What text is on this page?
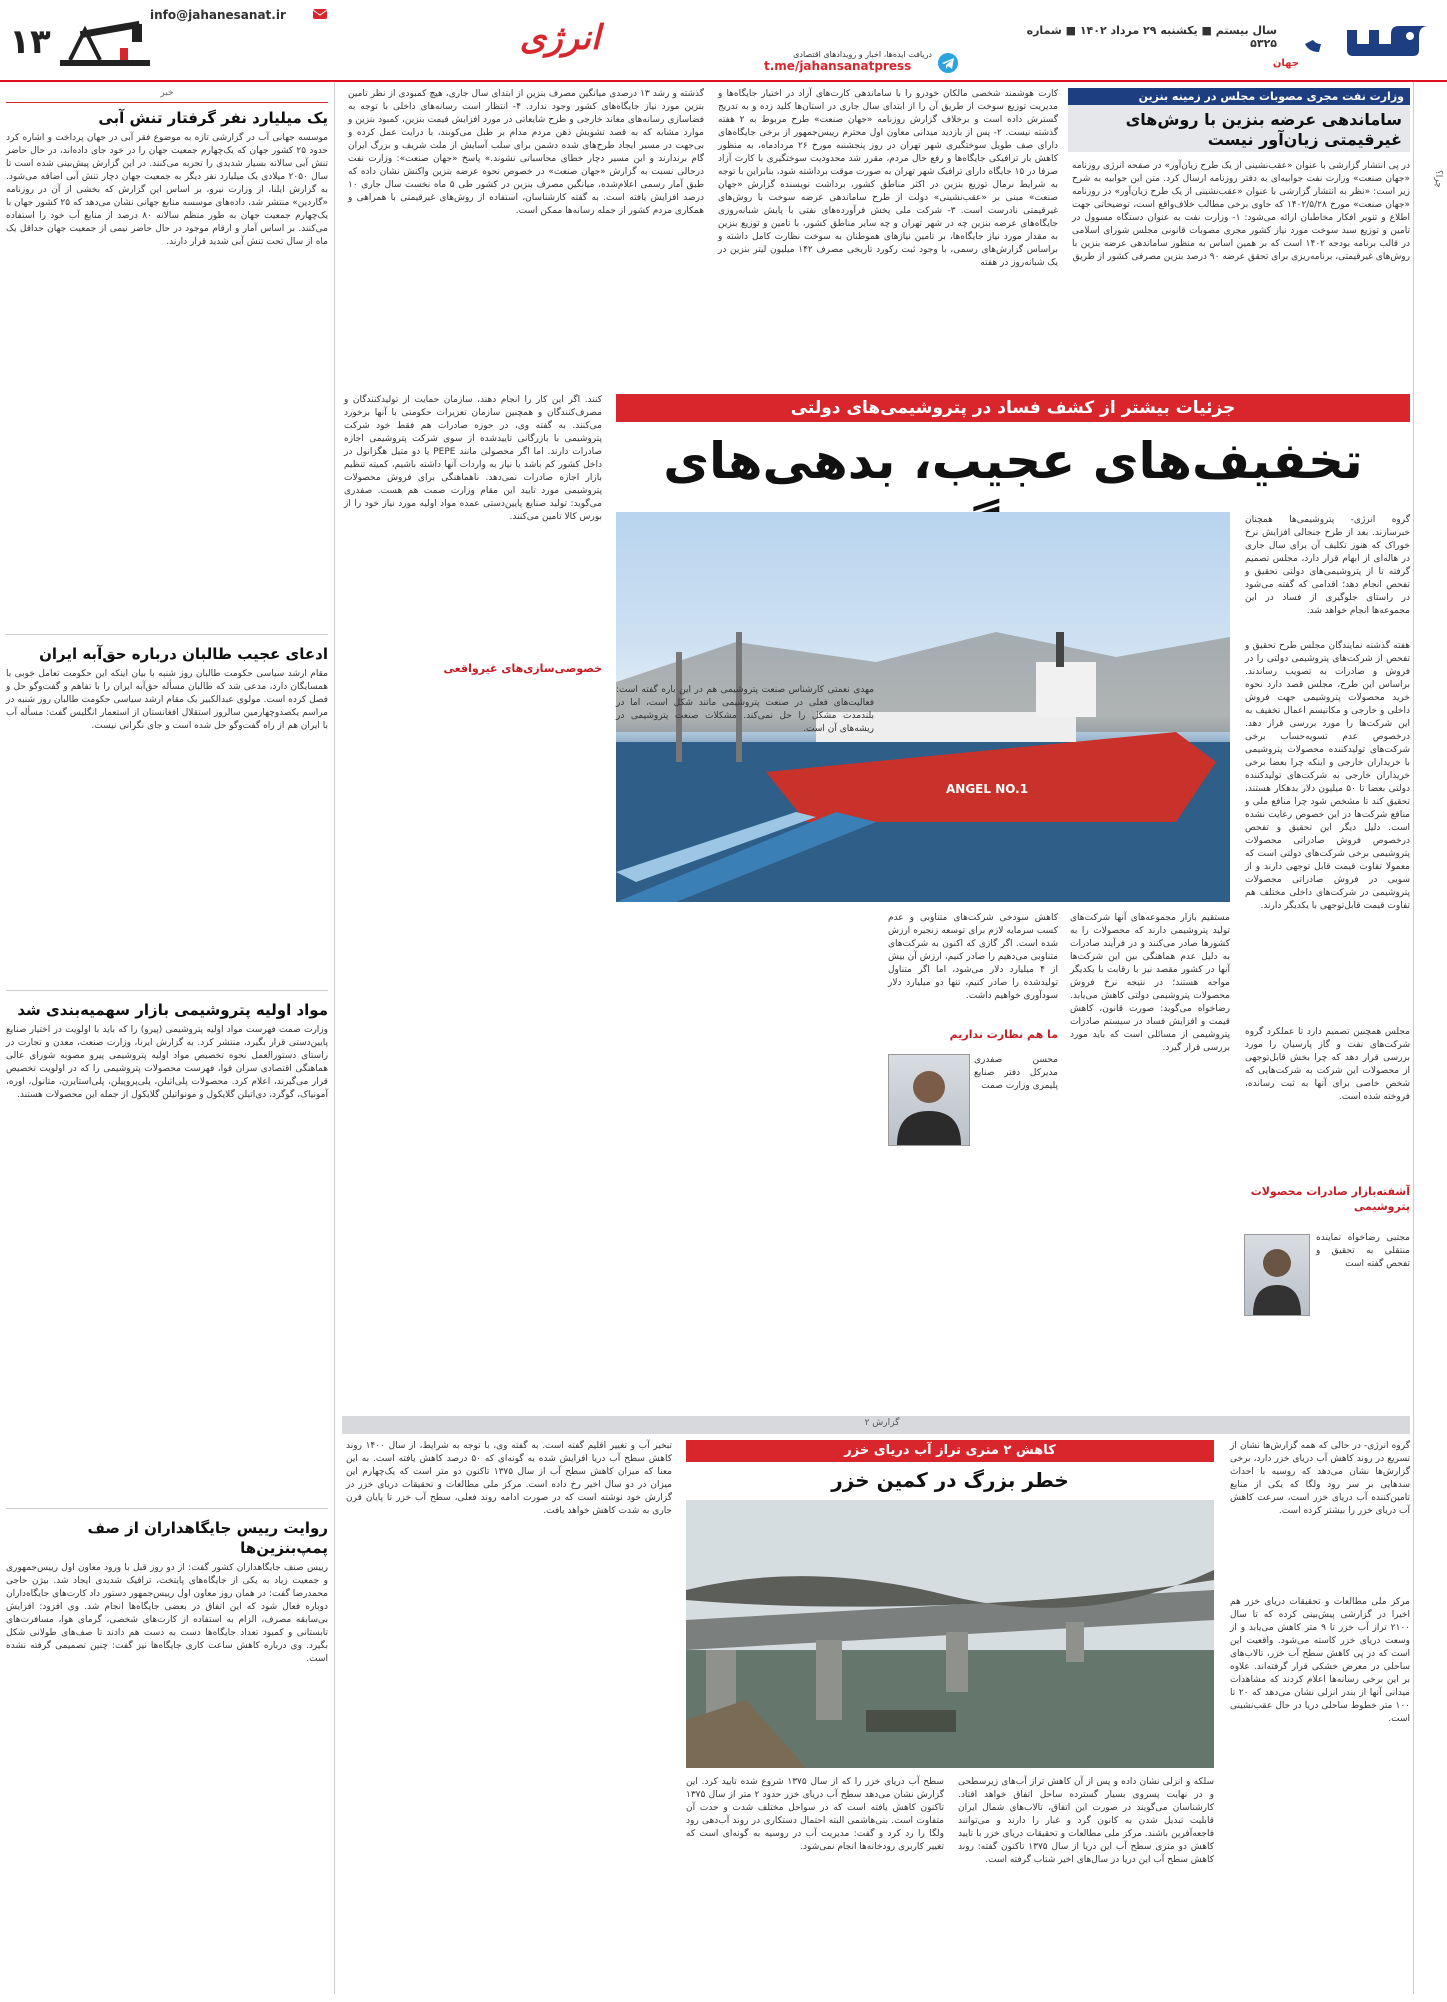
جهان
سال بیستم ■ یکشنبه ۲۹ مرداد ۱۴۰۲ ■ شماره ۵۳۲۵
دریافت ایده‌ها، اخبار و رویدادهای اقتصادی
t.me/jahansanatpress
انرژی
info@jahanesanat.ir
۱۳
چرا؟
وزارت نفت مجری مصوبات مجلس در زمینه بنزین
ساماندهی عرضه بنزین با روش‌های غیرقیمتی زیان‌آور نیست
در پی انتشار گزارشی با عنوان «عقب‌نشینی از یک طرح زیان‌آور» در صفحه انرژی روزنامه «جهان صنعت» وزارت نفت جوابیه‌ای به دفتر روزنامه ارسال کرد. متن این جوابیه به شرح زیر است: «نظر به انتشار گزارشی با عنوان «عقب‌نشینی از یک طرح زیان‌آور» در روزنامه «جهان صنعت» مورخ ۱۴۰۲/۵/۲۸ که حاوی برخی مطالب خلاف‌واقع است، توضیحاتی جهت اطلاع و تنویر افکار مخاطبان ارائه می‌شود: ۱- وزارت نفت به عنوان دستگاه مسوول در تامین و توزیع سبد سوخت مورد نیاز کشور مجری مصوبات قانونی مجلس شورای اسلامی در قالب برنامه بودجه ۱۴۰۲ است که بر همین اساس به منظور ساماندهی عرضه بنزین با روش‌های غیرقیمتی، برنامه‌ریزی برای تحقق عرضه ۹۰ درصد بنزین مصرفی کشور از طریق
کارت هوشمند شخصی مالکان خودرو را با ساماندهی کارت‌های آزاد در اختیار جایگاه‌ها و مدیریت توزیع سوخت از طریق آن را از ابتدای سال جاری در استان‌ها کلید زده و به تدریج گسترش داده است و برخلاف گزارش روزنامه «جهان صنعت» طرح مربوط به ۲ هفته گذشته نیست. ۲- پس از بازدید میدانی معاون اول محترم رییس‌جمهور از برخی جایگاه‌های دارای صف طویل سوختگیری شهر تهران در روز پنجشنبه مورخ ۲۶ مردادماه، به منظور کاهش بار ترافیکی جایگاه‌ها و رفع حال مردم، مقرر شد محدودیت سوختگیری با کارت آزاد صرفا در ۱۵ جایگاه دارای ترافیک شهر تهران به صورت موقت برداشته شود، بنابراین با توجه به شرایط نرمال توزیع بنزین در اکثر مناطق کشور، برداشت نویسنده گزارش «جهان صنعت» مبنی بر «عقب‌نشینی» دولت از طرح ساماندهی عرضه سوخت با روش‌های غیرقیمتی نادرست است. ۳- شرکت ملی پخش فرآورده‌های نفتی با پایش شبانه‌روزی جایگاه‌های عرضه بنزین چه در شهر تهران و چه سایر مناطق کشور، با تامین و توزیع بنزین به مقدار مورد نیاز جایگاه‌ها، بر تامین نیازهای هموطنان به سوخت نظارت کامل داشته و براساس گزارش‌های رسمی، با وجود ثبت رکورد تاریخی مصرف ۱۴۲ میلیون لیتر بنزین در یک شبانه‌روز در هفته
گذشته و رشد ۱۳ درصدی میانگین مصرف بنزین از ابتدای سال جاری، هیچ کمبودی از نظر تامین بنزین مورد نیاز جایگاه‌های کشور وجود ندارد. ۴- انتظار است رسانه‌های داخلی با توجه به فضاسازی رسانه‌های معاند خارجی و طرح شایعاتی در مورد افزایش قیمت بنزین، کمبود بنزین و موارد مشابه که به قصد تشویش ذهن مردم مدام بر طبل می‌کوبند، با درایت عمل کرده و بی‌جهت در مسیر ایجاد طرح‌های شده دشمن برای سلب آسایش از ملت شریف و بزرگ ایران گام برندارند و این مسیر دچار خطای محاسباتی نشوند.» پاسخ «جهان صنعت»: وزارت نفت درحالی نسبت به گزارش «جهان صنعت» در خصوص نحوه عرضه بنزین واکنش نشان داده که طبق آمار رسمی اعلام‌شده، میانگین مصرف بنزین در کشور طی ۵ ماه نخست سال جاری ۱۰ درصد افزایش یافته است. به گفته کارشناسان، استفاده از روش‌های غیرقیمتی با همراهی و همکاری مردم کشور از جمله رسانه‌ها ممکن است.
جزئیات بیشتر از کشف فساد در پتروشیمی‌های دولتی
تخفیف‌های عجیب، بدهی‌های
گروه انرژی- پتروشیمی‌ها همچنان خبرسازند. بعد از طرح جنجالی افزایش نرخ خوراک که هنوز تکلیف آن برای سال جاری در هاله‌ای از ابهام قرار دارد، مجلس تصمیم گرفته تا از پتروشیمی‌های دولتی تحقیق و تفحص انجام دهد؛ اقدامی که گفته می‌شود در راستای جلوگیری از فساد در این مجموعه‌ها انجام خواهد شد.
هفته گذشته نمایندگان مجلس طرح تحقیق و تفحص از شرکت‌های پتروشیمی دولتی را در فروش و صادرات به تصویب رساندند. براساس این طرح، مجلس قصد دارد نحوه خرید محصولات پتروشیمی جهت فروش داخلی و خارجی و مکانیسم اعمال تخفیف به این شرکت‌ها را مورد بررسی قرار دهد. درخصوص عدم تسویه‌حساب برخی شرکت‌های تولیدکننده محصولات پتروشیمی با خریداران خارجی و اینکه چرا بعضا برخی خریداران خارجی به شرکت‌های تولیدکننده دولتی بعضا تا ۵۰ میلیون دلار بدهکار هستند، تحقیق کند تا مشخص شود چرا منافع ملی و منافع شرکت‌ها در این خصوص رعایت نشده است. دلیل دیگر این تحقیق و تفحص درخصوص فروش صادراتی محصولات پتروشیمی برخی شرکت‌های دولتی است که معمولا تفاوت قیمت قابل توجهی دارند و از سویی در فروش صادراتی محصولات پتروشیمی در شرکت‌های داخلی مختلف هم تفاوت قیمت قابل‌توجهی با یکدیگر دارند.
مجلس همچنین تصمیم دارد تا عملکرد گروه شرکت‌های نفت و گاز پارسیان را مورد بررسی قرار دهد که چرا بخش قابل‌توجهی از محصولات این شرکت به شرکت‌هایی که شخص خاصی برای آنها به ثبت رسانده، فروخته شده است.
آشفته‌بازار صادرات محصولات پتروشیمی
مجتبی رضاخواه نماینده منتقلی به تحقیق و تفحص گفته است
ANGEL NO.1
مستقیم بازار مجموعه‌های آنها شرکت‌های تولید پتروشیمی دارند که محصولات را به کشورها صادر می‌کنند و در فرآیند صادرات به دلیل عدم هماهنگی بین این شرکت‌ها آنها در کشور مقصد نیز با رقابت با یکدیگر مواجه هستند؛ در نتیجه نرخ فروش محصولات پتروشیمی دولتی کاهش می‌یابد. رضاخواه می‌گوید: صورت قانون، کاهش قیمت و افزایش فساد در سیستم صادرات پتروشیمی از مسائلی است که باید مورد بررسی قرار گیرد.
کاهش سودخی شرکت‌های متناوبی و عدم کسب سرمایه لازم برای توسعه زنجیره ارزش شده است. اگر گازی که اکنون به شرکت‌های متناوبی می‌دهیم را صادر کنیم، ارزش آن بیش از ۴ میلیارد دلار می‌شود، اما اگر متناول تولیدشده را صادر کنیم، تنها دو میلیارد دلار سودآوری خواهیم داشت.
ما هم نظارت نداریم
محسن صفدری مدیرکل دفتر صنایع پلیمری وزارت صمت
کنند. اگر این کار را انجام دهند، سازمان حمایت از تولیدکنندگان و مصرف‌کنندگان و همچنین سازمان تعزیرات حکومتی با آنها برخورد می‌کنند. به گفته وی، در حوزه صادرات هم فقط خود شرکت پتروشیمی با بازرگانی تاییدشده از سوی شرکت پتروشیمی اجازه صادرات دارند. اما اگر محصولی مانند PEPE یا دو متیل هگزانول در داخل کشور کم باشد یا نیاز به واردات آنها داشته باشیم، کمیته تنظیم بازار اجازه صادرات نمی‌دهد. ناهماهنگی برای فروش محصولات پتروشیمی مورد تایید این مقام وزارت صمت هم هست. صفدری می‌گوید: تولید صنایع پایین‌دستی عمده مواد اولیه مورد نیاز خود را از بورس کالا تامین می‌کنند.
خصوصی‌سازی‌های غیرواقعی
مهدی نعمتی کارشناس صنعت پتروشیمی هم در این باره گفته است: فعالیت‌های فعلی در صنعت پتروشیمی مانند شکل است، اما در بلندمدت مشکل را حل نمی‌کند. مشکلات صنعت پتروشیمی در ریشه‌های آن است.
گزارش ۲
گروه انرژی- در حالی که همه گزارش‌ها نشان از تسریع در روند کاهش آب دریای خزر دارد، برخی گزارش‌ها نشان می‌دهد که روسیه با احداث سدهایی بر سر رود ولگا که یکی از منابع تامین‌کننده آب دریای خزر است، سرعت کاهش آب دریای خزر را بیشتر کرده است.
مرکز ملی مطالعات و تحقیقات دریای خزر هم اخیرا در گزارشی پیش‌بینی کرده که تا سال ۲۱۰۰ تراز آب خزر تا ۹ متر کاهش می‌یابد و از وسعت دریای خزر کاسته می‌شود. واقعیت این است که در پی کاهش سطح آب خزر، تالاب‌های ساحلی در معرض خشکی قرار گرفته‌اند. علاوه بر این برخی رسانه‌ها اعلام کردند که مشاهدات میدانی آنها از بندر انزلی نشان می‌دهد که ۲۰ تا ۱۰۰ متر خطوط ساحلی دریا در حال عقب‌نشینی است.
کاهش ۲ متری تراز آب دریای خزر
خطر بزرگ در کمین خزر
سلکه و انزلی نشان داده و پس از آن کاهش تراز آب‌های زیرسطحی و در نهایت پسروی بسیار گسترده ساحل اتفاق خواهد افتاد. کارشناسان می‌گویند در صورت این اتفاق، تالاب‌های شمال ایران قابلیت تبدیل شدن به کانون گرد و غبار را دارند و می‌توانند فاجعه‌آفرین باشند. مرکز ملی مطالعات و تحقیقات دریای خزر با تایید کاهش دو متری سطح آب این دریا از سال ۱۳۷۵ تاکنون گفته: روند کاهش سطح آب این دریا در سال‌های اخیر شتاب گرفته است.
سطح آب دریای خزر را که از سال ۱۳۷۵ شروع شده تایید کرد. این گزارش نشان می‌دهد سطح آب دریای خزر حدود ۲ متر از سال ۱۳۷۵ تاکنون کاهش یافته است که در سواحل مختلف شدت و حدت آن متفاوت است. بنی‌هاشمی البته احتمال دستکاری در روند آب‌دهی رود ولگا را رد کرد و گفت: مدیریت آب در روسیه به گونه‌ای است که تغییر کاربری رودخانه‌ها انجام نمی‌شود.
تبخیر آب و تغییر اقلیم گفته است. به گفته وی، با توجه به شرایط، از سال ۱۴۰۰ روند کاهش سطح آب دریا افزایش شده به گونه‌ای که ۵۰ درصد کاهش یافته است. به این معنا که میزان کاهش سطح آب از سال ۱۳۷۵ تاکنون دو متر است که یک‌چهارم این میزان در دو سال اخیر رخ داده است. مرکز ملی مطالعات و تحقیقات دریای خزر در گزارش خود نوشته است که در صورت ادامه روند فعلی، سطح آب خزر تا پایان قرن جاری به شدت کاهش خواهد یافت.
خبر
یک میلیارد نفر گرفتار تنش آبی
موسسه جهانی آب در گزارشی تازه به موضوع فقر آبی در جهان پرداخت و اشاره کرد حدود ۲۵ کشور جهان که یک‌چهارم جمعیت جهان را در خود جای داده‌اند، در حال حاضر تنش آبی سالانه بسیار شدیدی را تجربه می‌کنند. در این گزارش پیش‌بینی شده است تا سال ۲۰۵۰ میلادی یک میلیارد نفر دیگر به جمعیت جهان دچار تنش آبی اضافه می‌شود. به گزارش ایلنا، از وزارت نیرو، بر اساس این گزارش که بخشی از آن در روزنامه «گاردین» منتشر شد، داده‌های موسسه منابع جهانی نشان می‌دهد که ۲۵ کشور جهان با یک‌چهارم جمعیت جهان به طور منظم سالانه ۸۰ درصد از منابع آب خود را استفاده می‌کنند. بر اساس آمار و ارقام موجود در حال حاضر نیمی از جمعیت جهان حداقل یک ماه از سال تحت تنش آبی شدید قرار دارند.
ادعای عجیب طالبان درباره حق‌آبه ایران
مقام ارشد سیاسی حکومت طالبان روز شنبه با بیان اینکه این حکومت تعامل خوبی با همسایگان دارد، مدعی شد که طالبان مسأله حق‌آبه ایران را با تفاهم و گفت‌وگو حل و فصل کرده است. مولوی عبدالکبیر یک مقام ارشد سیاسی حکومت طالبان روز شنبه در مراسم یکصدوچهارمین سالروز استقلال افغانستان از استعمار انگلیس گفت: مسأله آب با ایران هم از راه گفت‌وگو حل شده است و جای نگرانی نیست.
مواد اولیه پتروشیمی بازار سهمیه‌بندی شد
وزارت صمت فهرست مواد اولیه پتروشیمی (پیرو) را که باید با اولویت در اختیار صنایع پایین‌دستی قرار بگیرد، منتشر کرد. به گزارش ایرنا، وزارت صنعت، معدن و تجارت در راستای دستورالعمل نحوه تخصیص مواد اولیه پتروشیمی پیرو مصوبه شورای عالی هماهنگی اقتصادی سران قوا، فهرست محصولات پتروشیمی را که در اولویت تخصیص قرار می‌گیرند، اعلام کرد. محصولات پلی‌اتیلن، پلی‌پروپیلن، پلی‌استایرن، متانول، اوره، آمونیاک، گوگرد، دی‌اتیلن گلایکول و مونواتیلن گلایکول از جمله این محصولات هستند.
روایت رییس جایگاهداران از صف پمپ‌بنزین‌ها
رییس صنف جایگاهداران کشور گفت: از دو روز قبل با ورود معاون اول رییس‌جمهوری و جمعیت زیاد به یکی از جایگاه‌های پایتخت، ترافیک شدیدی ایجاد شد. بیژن حاجی محمدرضا گفت: در همان روز معاون اول رییس‌جمهور دستور داد کارت‌های جایگاه‌داران دوباره فعال شود که این اتفاق در بعضی جایگاه‌ها انجام شد. وی افزود: افزایش بی‌سابقه مصرف، الزام به استفاده از کارت‌های شخصی، گرمای هوا، مسافرت‌های تابستانی و کمبود تعداد جایگاه‌ها دست به دست هم دادند تا صف‌های طولانی شکل بگیرد. وی درباره کاهش ساعت کاری جایگاه‌ها نیز گفت: چنین تصمیمی گرفته نشده است.
